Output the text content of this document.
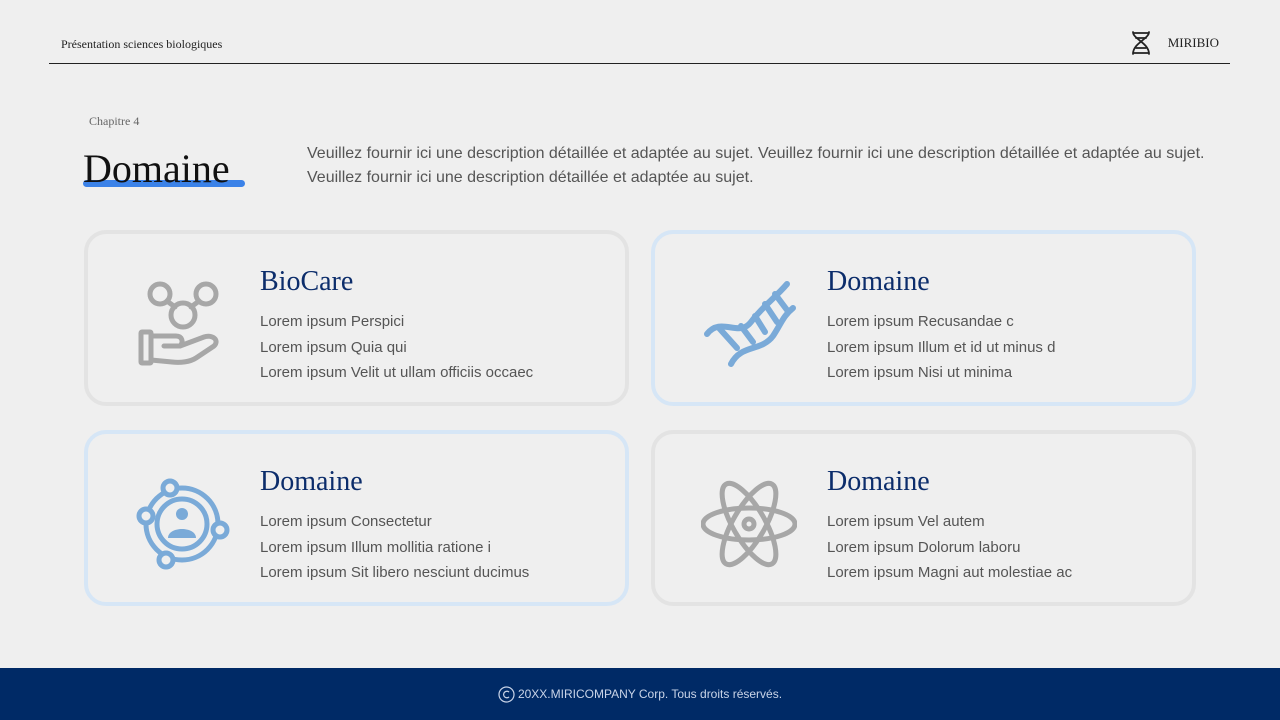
Présentation sciences biologiques	MIRIBIO
Chapitre 4
Domaine	Veuillez fournir ici une description détaillée et adaptée au sujet. Veuillez fournir ici une description détaillée et adaptée au sujet. Veuillez fournir ici une description détaillée et adaptée au sujet.
BioCare
Lorem ipsum Perspici
Lorem ipsum Quia qui
Lorem ipsum Velit ut ullam officiis occaec
Domaine
Lorem ipsum Recusandae c
Lorem ipsum Illum et id ut minus d
Lorem ipsum Nisi ut minima
Domaine
Lorem ipsum Consectetur
Lorem ipsum Illum mollitia ratione i
Lorem ipsum Sit libero nesciunt ducimus
Domaine
Lorem ipsum Vel autem
Lorem ipsum Dolorum laboru
Lorem ipsum Magni aut molestiae ac
20XX.MIRICOMPANY Corp. Tous droits réservés.
